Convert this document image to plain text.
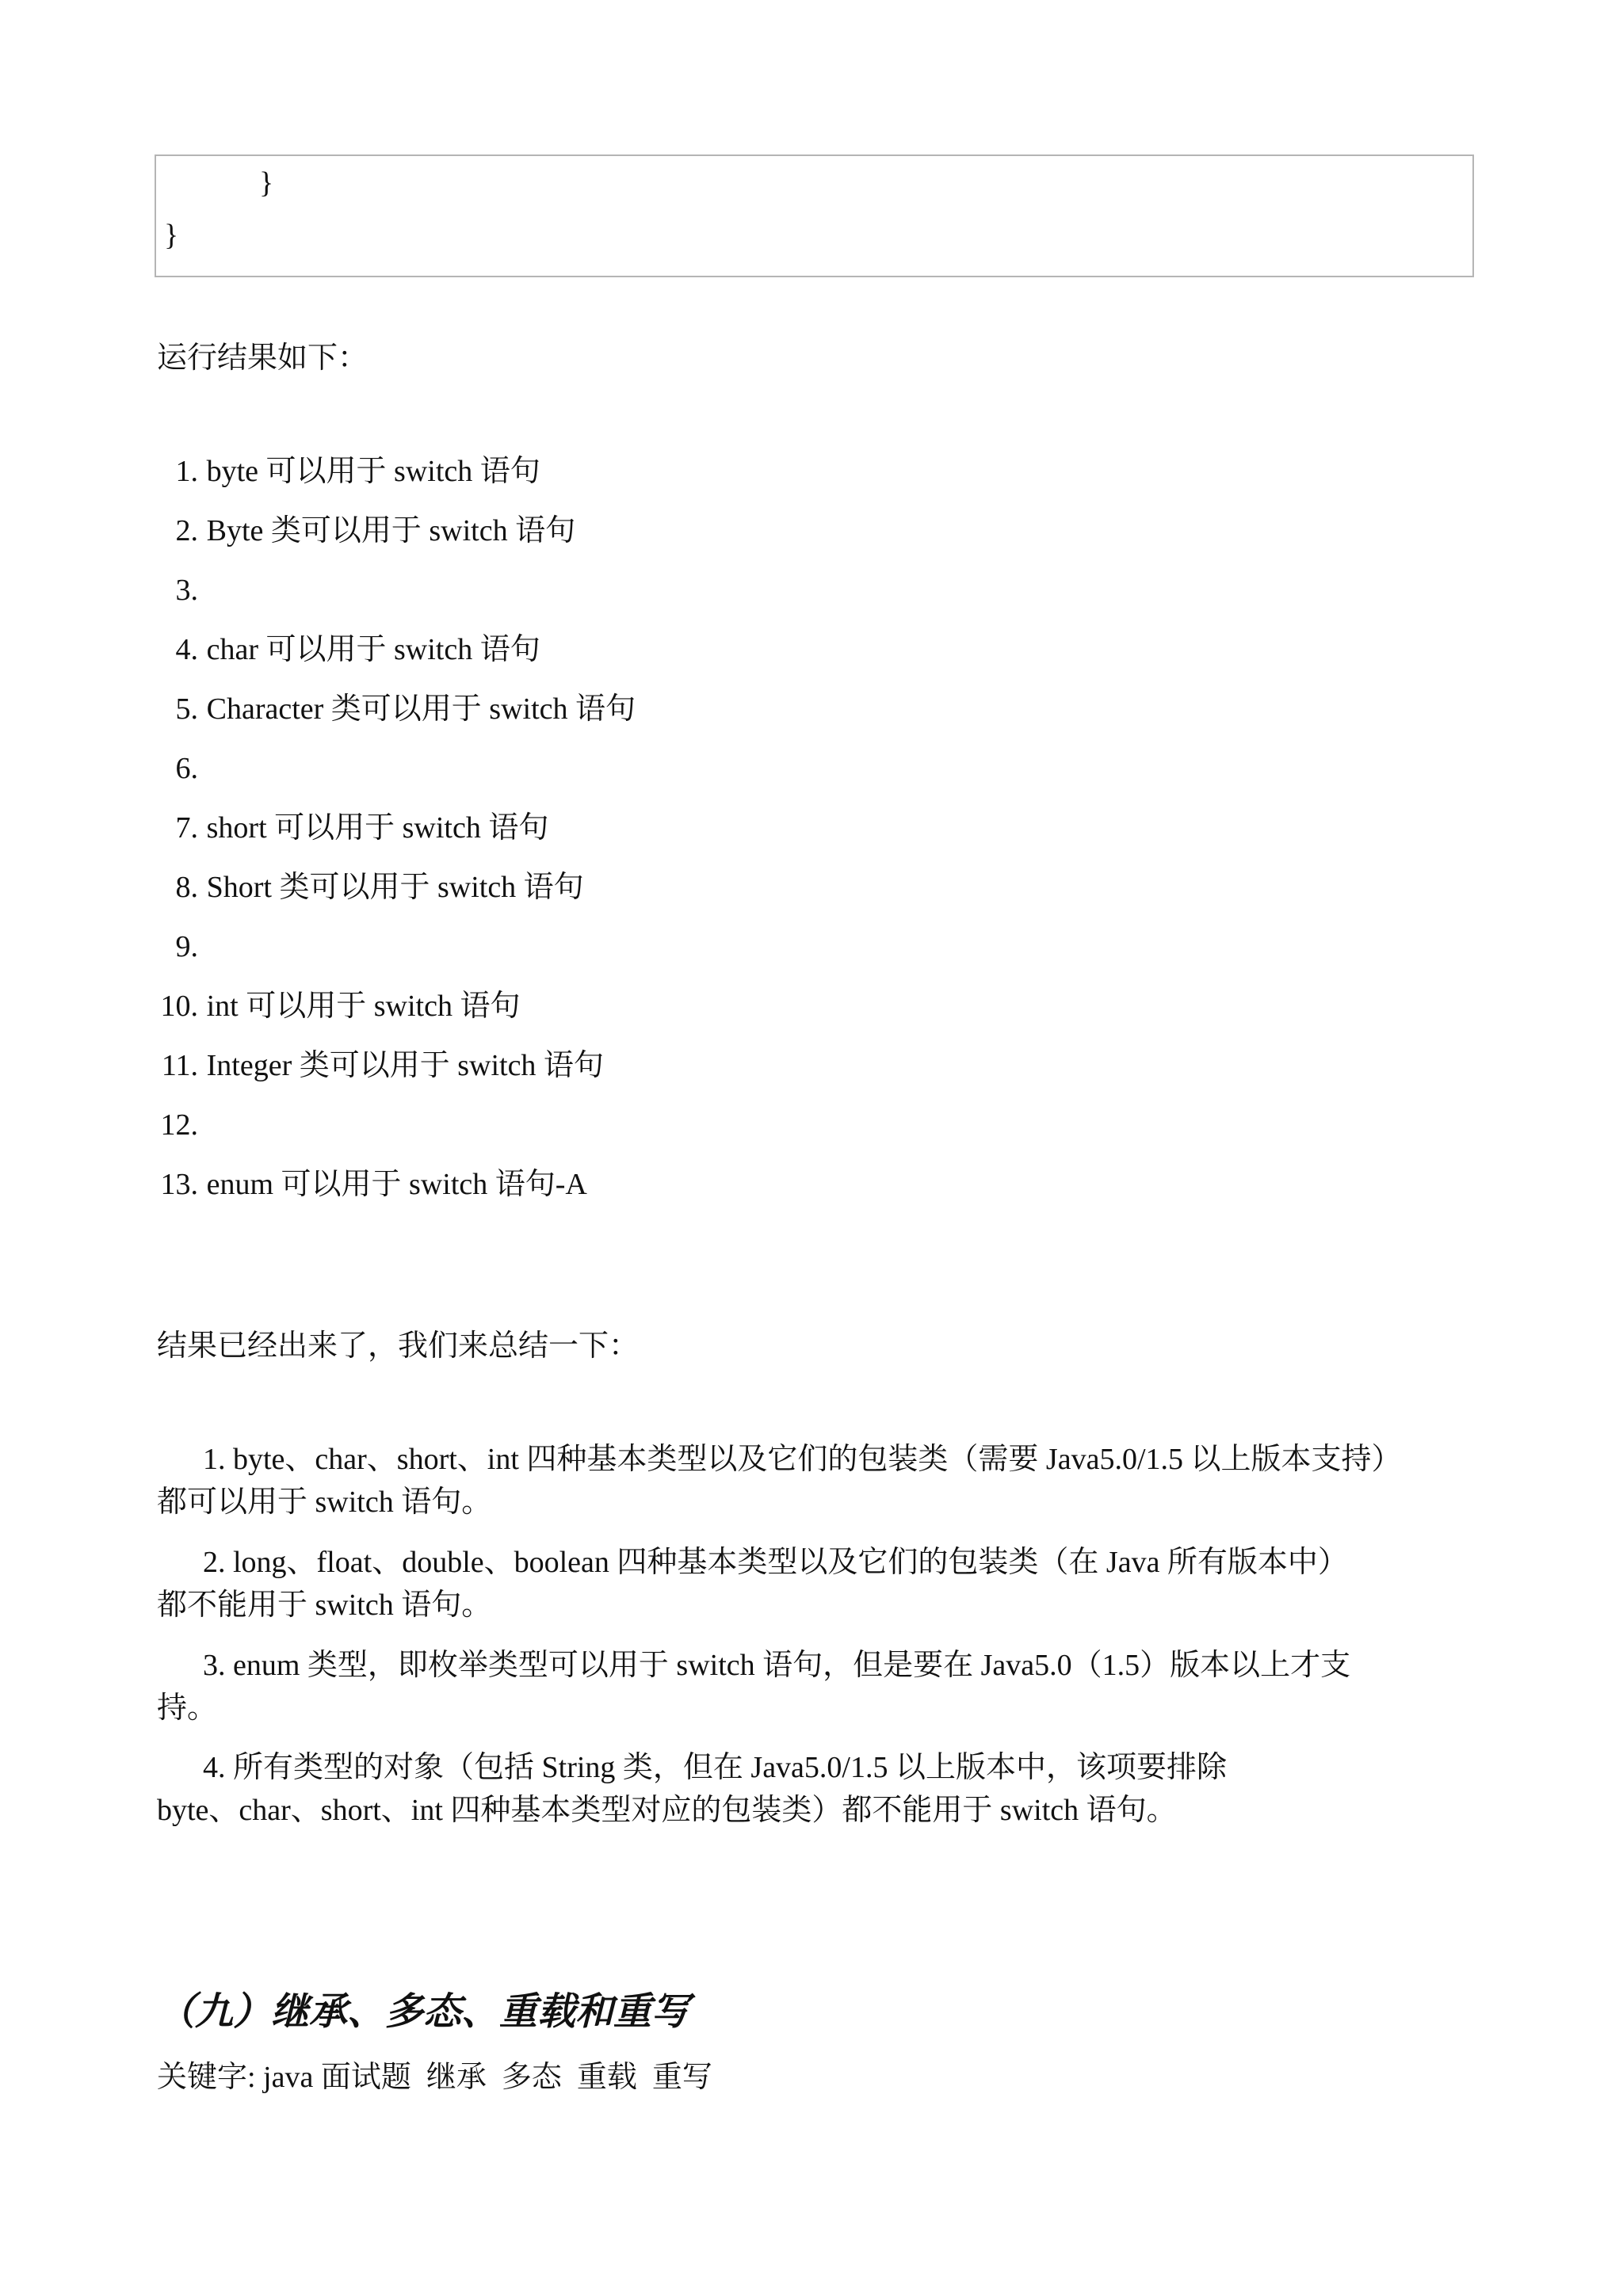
}
}
运行结果如下：
1. byte 可以用于 switch 语句
2. Byte 类可以用于 switch 语句
3.
4. char 可以用于 switch 语句
5. Character 类可以用于 switch 语句
6.
7. short 可以用于 switch 语句
8. Short 类可以用于 switch 语句
9.
10. int 可以用于 switch 语句
11. Integer 类可以用于 switch 语句
12.
13. enum 可以用于 switch 语句-A
结果已经出来了，我们来总结一下：
1. byte、char、short、int 四种基本类型以及它们的包装类（需要 Java5.0/1.5 以上版本支持）
都可以用于 switch 语句。
2. long、float、double、boolean 四种基本类型以及它们的包装类（在 Java 所有版本中）
都不能用于 switch 语句。
3. enum 类型，即枚举类型可以用于 switch 语句，但是要在 Java5.0（1.5）版本以上才支
持。
4. 所有类型的对象（包括 String 类，但在 Java5.0/1.5 以上版本中，该项要排除
byte、char、short、int 四种基本类型对应的包装类）都不能用于 switch 语句。
（九）继承、多态、重载和重写
关键字: java 面试题  继承  多态  重载  重写
